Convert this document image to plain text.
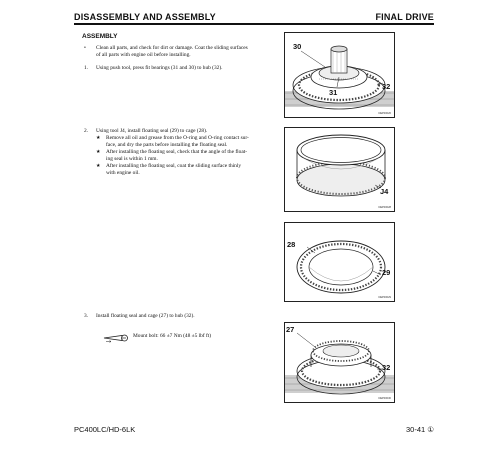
DISASSEMBLY AND ASSEMBLY	FINAL DRIVE
ASSEMBLY
• Clean all parts, and check for dirt or damage. Coat the sliding surfaces
of all parts with engine oil before installing.
1. Using push tool, press fit bearings (31 and 30) to hub (32).
2. Using tool J4, install floating seal (29) to cage (28).
★ Remove all oil and grease from the O-ring and O-ring contact sur-
face, and dry the parts before installing the floating seal.
★ After installing the floating seal, check that the angle of the float-
ing seal is within 1 mm.
★ After installing the floating seal, coat the sliding surface thinly
with engine oil.
3. Install floating seal and cage (27) to hub (32).
Mount bolt: 66 ±7 Nm (48 ±5 lbf ft)
30
31
32
DEP00026
J4
DEP00028
28
29
DEP00029
27
32
DEP00030
PC400LC/HD-6LK	30-41 ①
